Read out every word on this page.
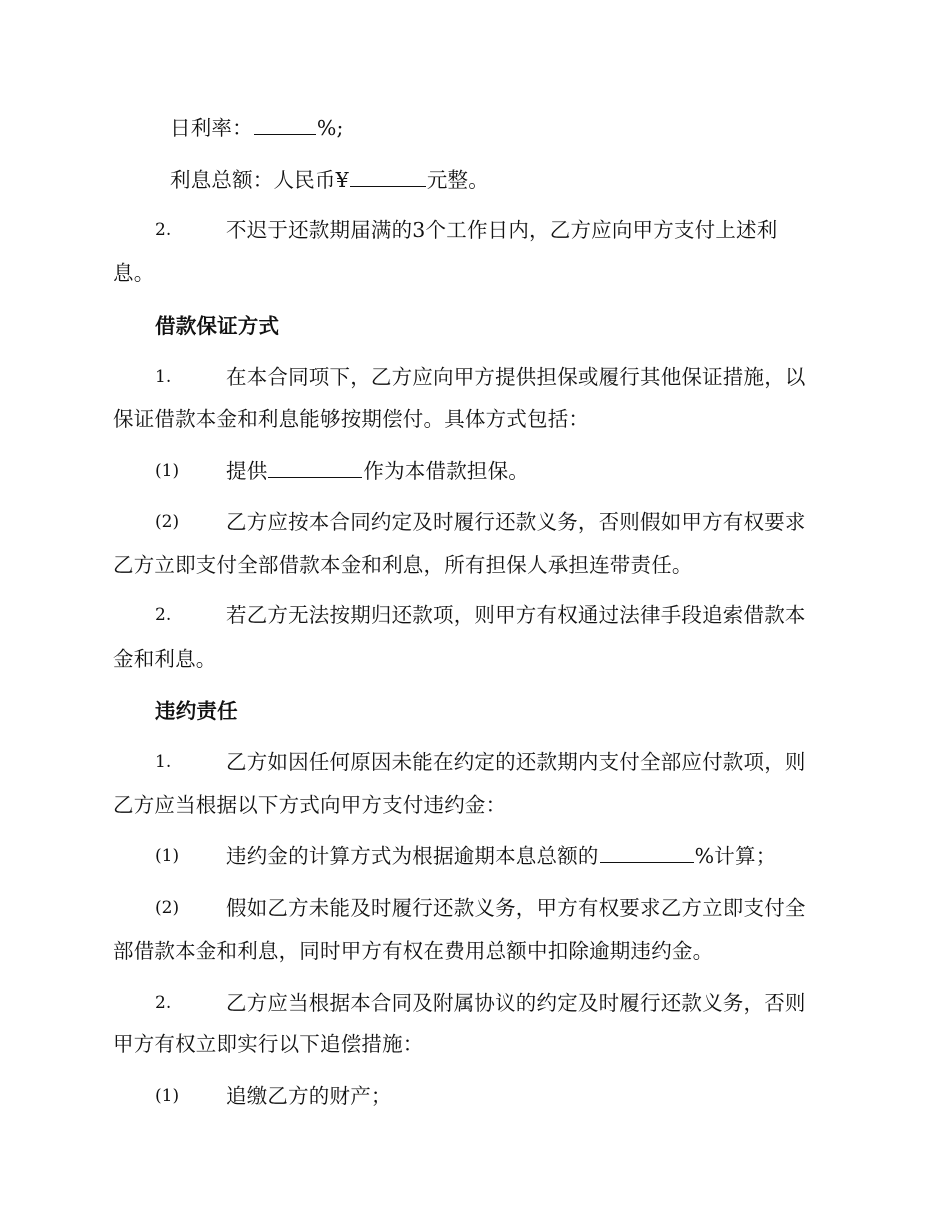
日利率：	%;
利息总额：人民币¥	元整。
2.	不迟于还款期届满的3个工作日内，乙方应向甲方支付上述利
息。
借款保证方式
1.	在本合同项下，乙方应向甲方提供担保或履行其他保证措施，以
保证借款本金和利息能够按期偿付。具体方式包括：
(1) 提供	作为本借款担保。
(2) 乙方应按本合同约定及时履行还款义务，否则假如甲方有权要求
乙方立即支付全部借款本金和利息，所有担保人承担连带责任。
2.	若乙方无法按期归还款项，则甲方有权通过法律手段追索借款本
金和利息。
违约责任
1.	乙方如因任何原因未能在约定的还款期内支付全部应付款项，则
乙方应当根据以下方式向甲方支付违约金：
(1) 违约金的计算方式为根据逾期本息总额的	%计算；
(2) 假如乙方未能及时履行还款义务，甲方有权要求乙方立即支付全
部借款本金和利息，同时甲方有权在费用总额中扣除逾期违约金。
2.	乙方应当根据本合同及附属协议的约定及时履行还款义务，否则
甲方有权立即实行以下追偿措施：
(1) 追缴乙方的财产；
